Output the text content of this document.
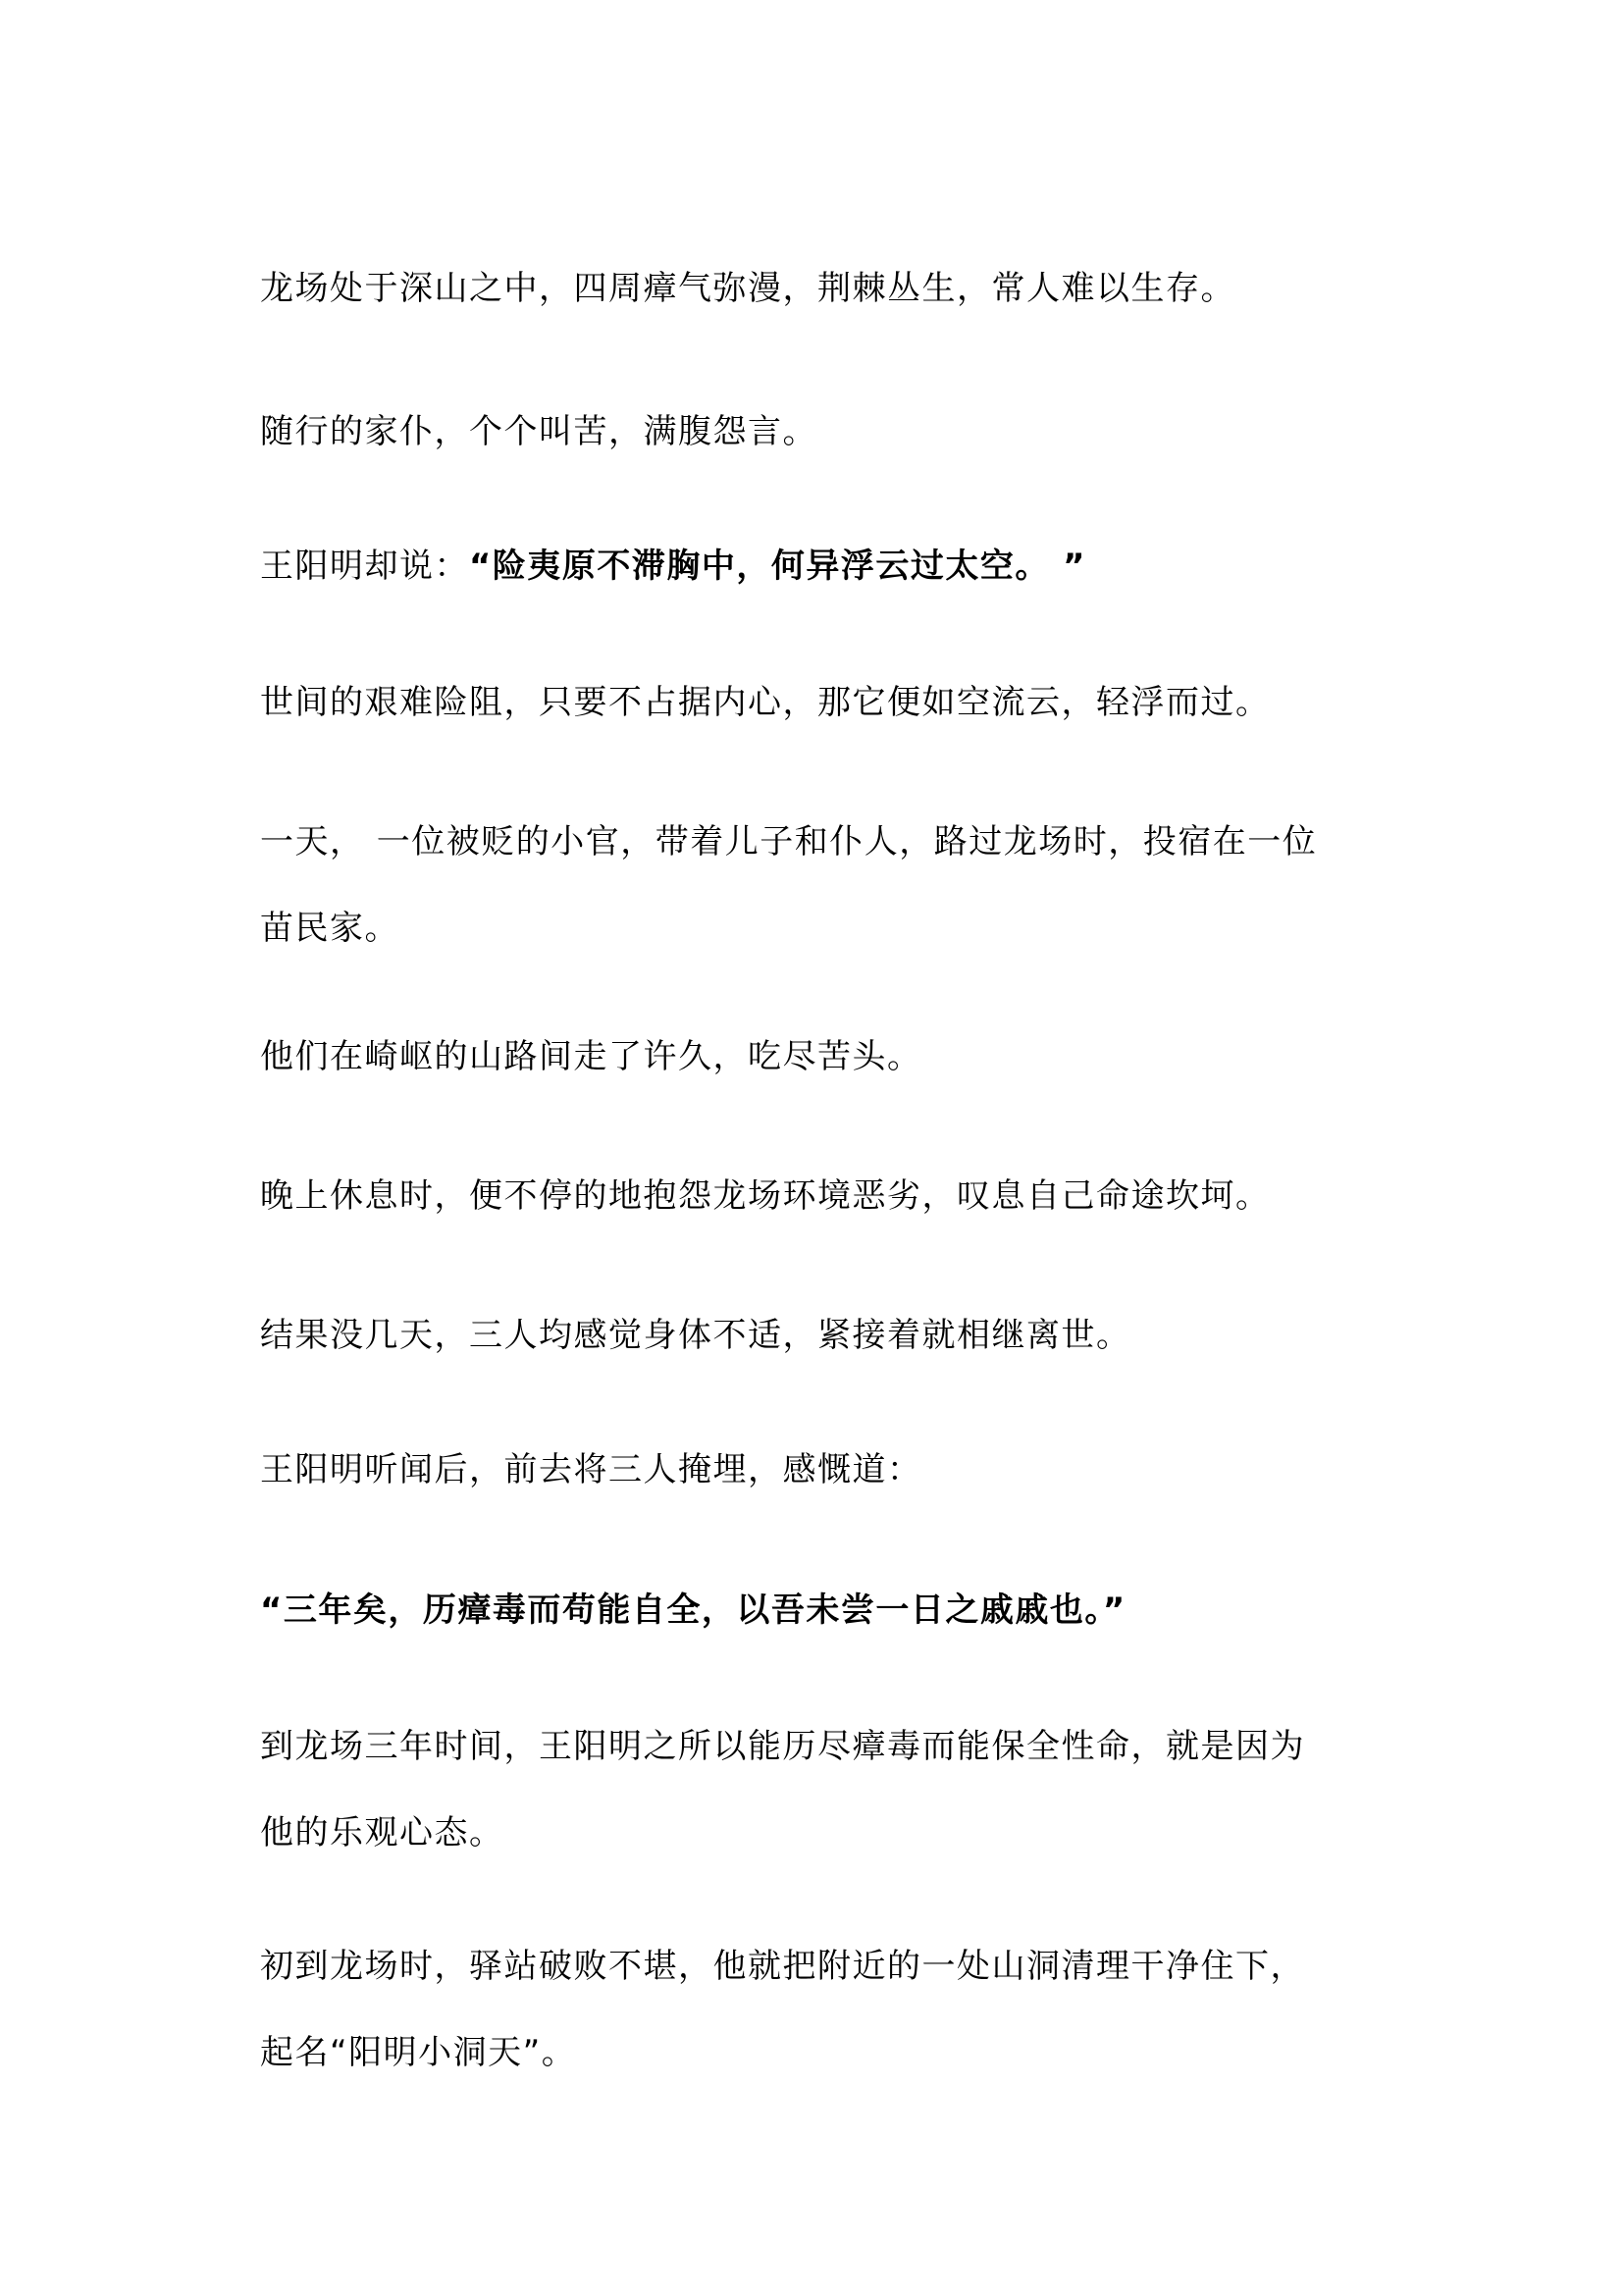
龙场处于深山之中，四周瘴气弥漫，荆棘丛生，常人难以生存。
随行的家仆，个个叫苦，满腹怨言。
王阳明却说：“险夷原不滞胸中，何异浮云过太空。 ”
世间的艰难险阻，只要不占据内心，那它便如空流云，轻浮而过。
一天， 一位被贬的小官，带着儿子和仆人，路过龙场时，投宿在一位
苗民家。
他们在崎岖的山路间走了许久，吃尽苦头。
晚上休息时，便不停的地抱怨龙场环境恶劣，叹息自己命途坎坷。
结果没几天，三人均感觉身体不适，紧接着就相继离世。
王阳明听闻后，前去将三人掩埋，感慨道：
“三年矣，历瘴毒而苟能自全，以吾未尝一日之戚戚也。”
到龙场三年时间，王阳明之所以能历尽瘴毒而能保全性命，就是因为
他的乐观心态。
初到龙场时，驿站破败不堪，他就把附近的一处山洞清理干净住下，
起名“阳明小洞天”。
